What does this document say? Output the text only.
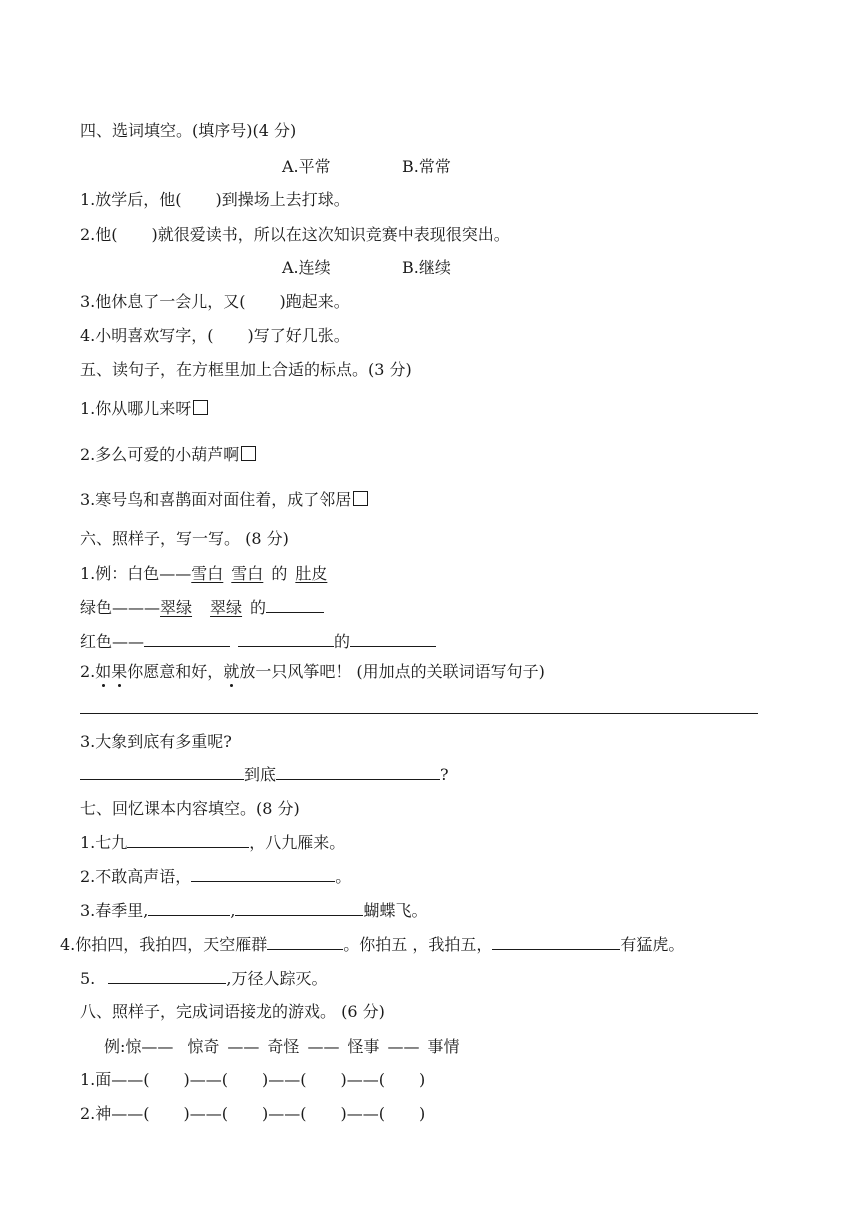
四、选词填空。(填序号)(4 分)
A.平常	B.常常
1.放学后，他( )到操场上去打球。
2.他( )就很爱读书，所以在这次知识竞赛中表现很突出。
A.连续	B.继续
3.他休息了一会儿，又( )跑起来。
4.小明喜欢写字，( )写了好几张。
五、读句子，在方框里加上合适的标点。(3 分)
1.你从哪儿来呀
2.多么可爱的小葫芦啊
3.寒号鸟和喜鹊面对面住着，成了邻居
六、照样子，写一写。 (8 分)
1.例：白色——雪白 雪白 的 肚皮
绿色———翠绿 翠绿 的
红色——	的
2.如果你愿意和好，就放一只风筝吧！ (用加点的关联词语写句子)
3.大象到底有多重呢?
到底	?
七、回忆课本内容填空。(8 分)
1.七九	，八九雁来。
2.不敢高声语，	。
3.春季里,	,	蝴蝶飞。
4.你拍四，我拍四，天空雁群	。你拍五 ，我拍五，	有猛虎。
5.	,万径人踪灭。
八、照样子，完成词语接龙的游戏。 (6 分)
例:惊—— 惊奇 —— 奇怪 —— 怪事 —— 事情
1.面——( )——( )——( )——( )
2.神——( )——( )——( )——( )
